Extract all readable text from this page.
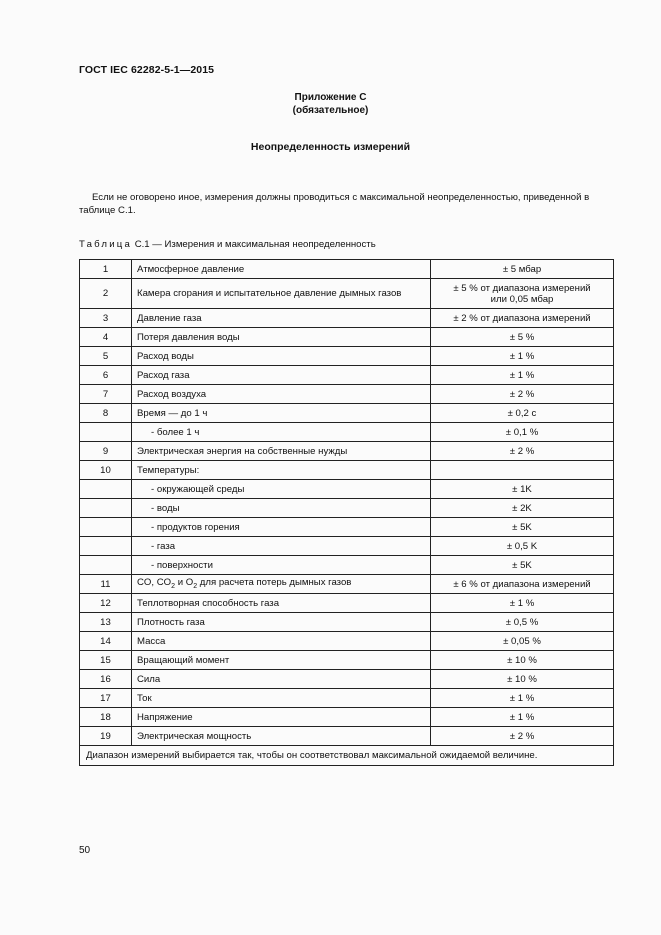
ГОСТ IEC 62282-5-1—2015
Приложение С
(обязательное)
Неопределенность измерений
Если не оговорено иное, измерения должны проводиться с максимальной неопределенностью, приведенной в таблице С.1.
Таблица С.1 — Измерения и максимальная неопределенность
1	Атмосферное давление	± 5 мбар
2	Камера сгорания и испытательное давление дымных газов	± 5 % от диапазона измерений
или 0,05 мбар

3	Давление газа	± 2 % от диапазона измерений
4	Потеря давления воды	± 5 %
5	Расход воды	± 1 %
6	Расход газа	± 1 %
7	Расход воздуха	± 2 %
8	Время — до 1 ч	± 0,2 с
	- более 1 ч	± 0,1 %
9	Электрическая энергия на собственные нужды	± 2 %
10	Температуры:	
	- окружающей среды	± 1K
	- воды	± 2K
	- продуктов горения	± 5K
	- газа	± 0,5 K
	- поверхности	± 5K
11	CO, $CO_2$ и $O_2$ для расчета потерь дымных газов	± 6 % от диапазона измерений
12	Теплотворная способность газа	± 1 %
13	Плотность газа	± 0,5 %
14	Масса	± 0,05 %
15	Вращающий момент	± 10 %
16	Сила	± 10 %
17	Ток	± 1 %
18	Напряжение	± 1 %
19	Электрическая мощность	± 2 %
Диапазон измерений выбирается так, чтобы он соответствовал максимальной ожидаемой величине.		
50
